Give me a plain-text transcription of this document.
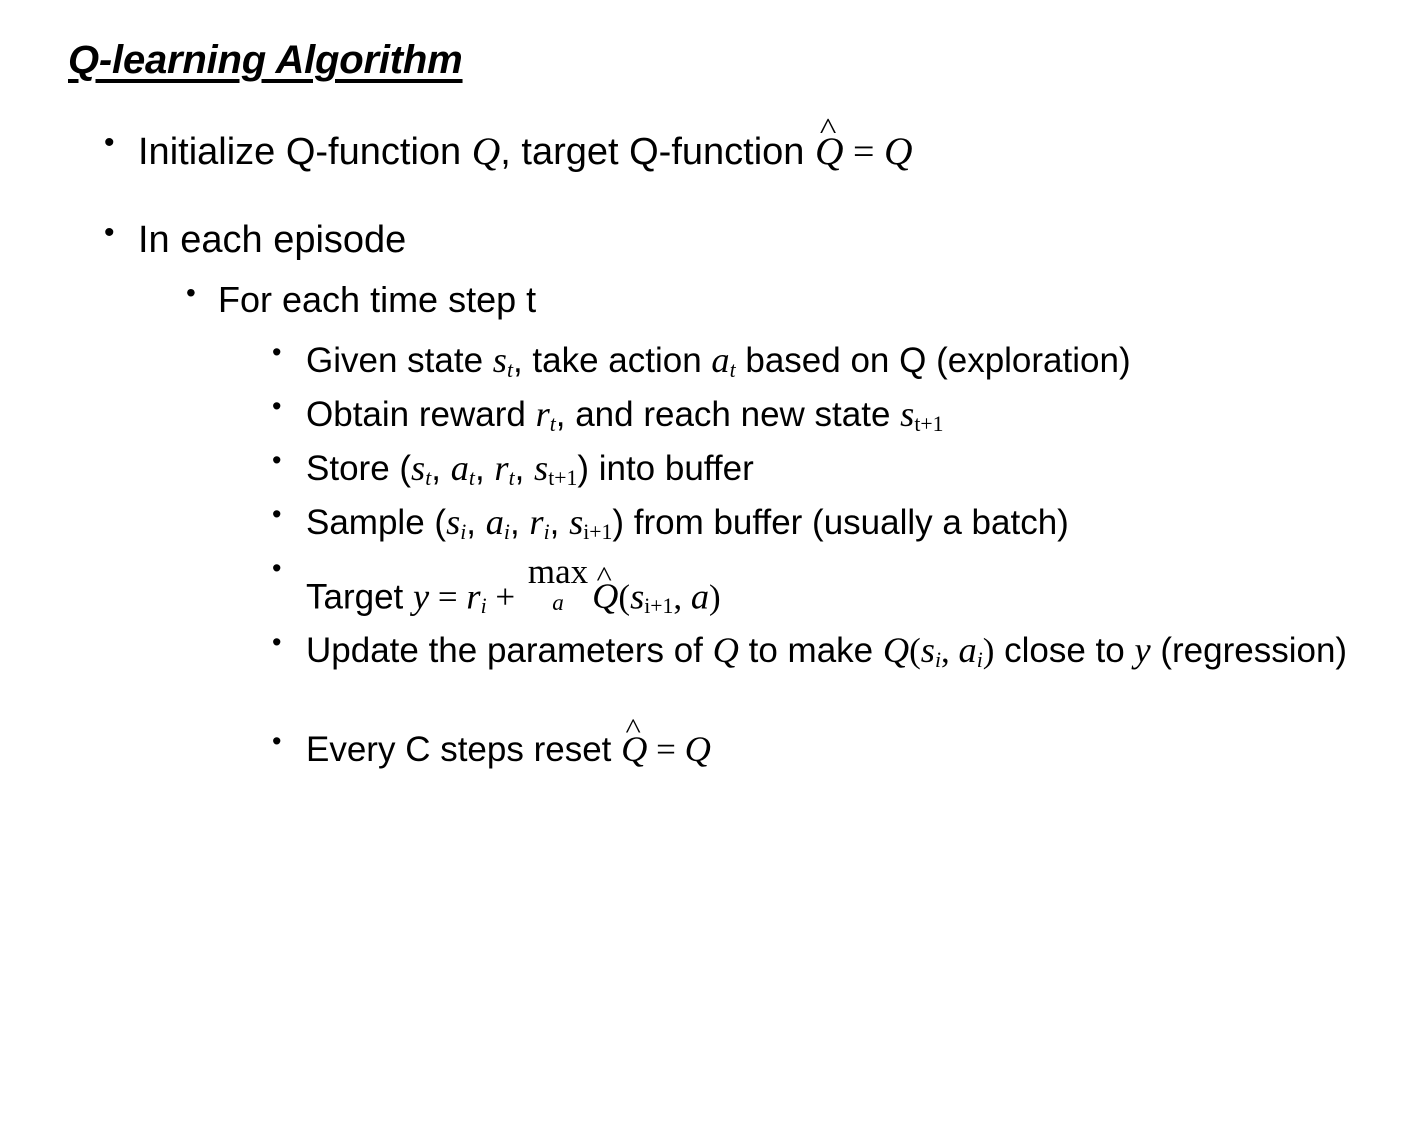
Q-learning Algorithm
• Initialize Q-function Q, target Q-function Q ^ = Q
• In each episode
• For each time step t
• Given state $s_t$, take action $a_t$ based on Q (exploration)
• Obtain reward $r_t$, and reach new state $s_{t+1}$
• Store ($s_t$, $a_t$, $r_t$, $s_{t+1}$) into buffer
• Sample ($s_i$, $a_i$, $r_i$, $s_{i+1}$) from buffer (usually a batch)
• Target $y = r_i$ +
max
a Q $\^{}(s_{i+1}$, a)
• Update the parameters of Q to make $Q(s_i$, $a_i$) close to y (regression)
• Every C steps reset Q ^ = Q
